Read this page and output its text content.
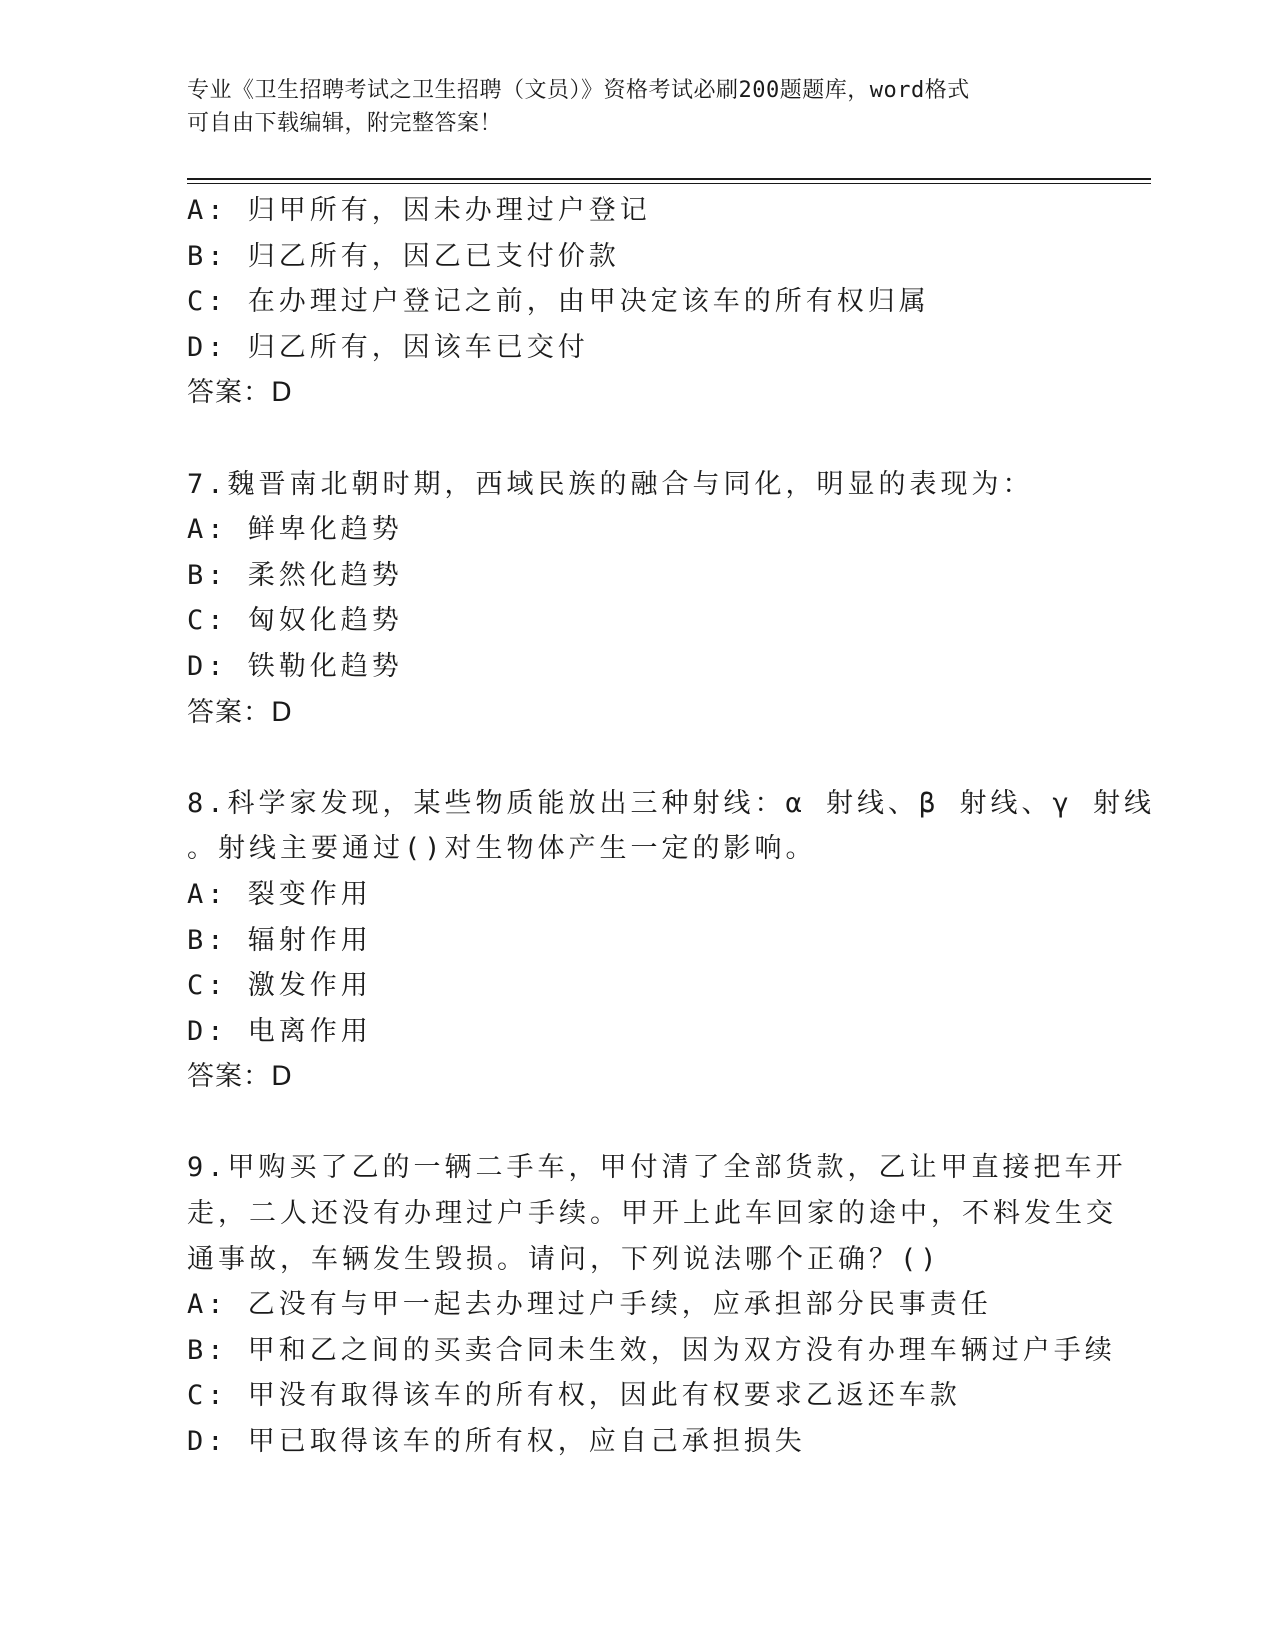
专业《卫生招聘考试之卫生招聘（文员）》资格考试必刷200题题库，word格式
可自由下载编辑，附完整答案！
A: 归甲所有，因未办理过户登记
B: 归乙所有，因乙已支付价款
C: 在办理过户登记之前，由甲决定该车的所有权归属
D: 归乙所有，因该车已交付
答案：D
7.魏晋南北朝时期，西域民族的融合与同化，明显的表现为：
A: 鲜卑化趋势
B: 柔然化趋势
C: 匈奴化趋势
D: 铁勒化趋势
答案：D
8.科学家发现，某些物质能放出三种射线：α 射线、β 射线、γ 射线
。射线主要通过()对生物体产生一定的影响。
A: 裂变作用
B: 辐射作用
C: 激发作用
D: 电离作用
答案：D
9.甲购买了乙的一辆二手车，甲付清了全部货款，乙让甲直接把车开
走，二人还没有办理过户手续。甲开上此车回家的途中，不料发生交
通事故，车辆发生毁损。请问，下列说法哪个正确？()
A: 乙没有与甲一起去办理过户手续，应承担部分民事责任
B: 甲和乙之间的买卖合同未生效，因为双方没有办理车辆过户手续
C: 甲没有取得该车的所有权，因此有权要求乙返还车款
D: 甲已取得该车的所有权，应自己承担损失
